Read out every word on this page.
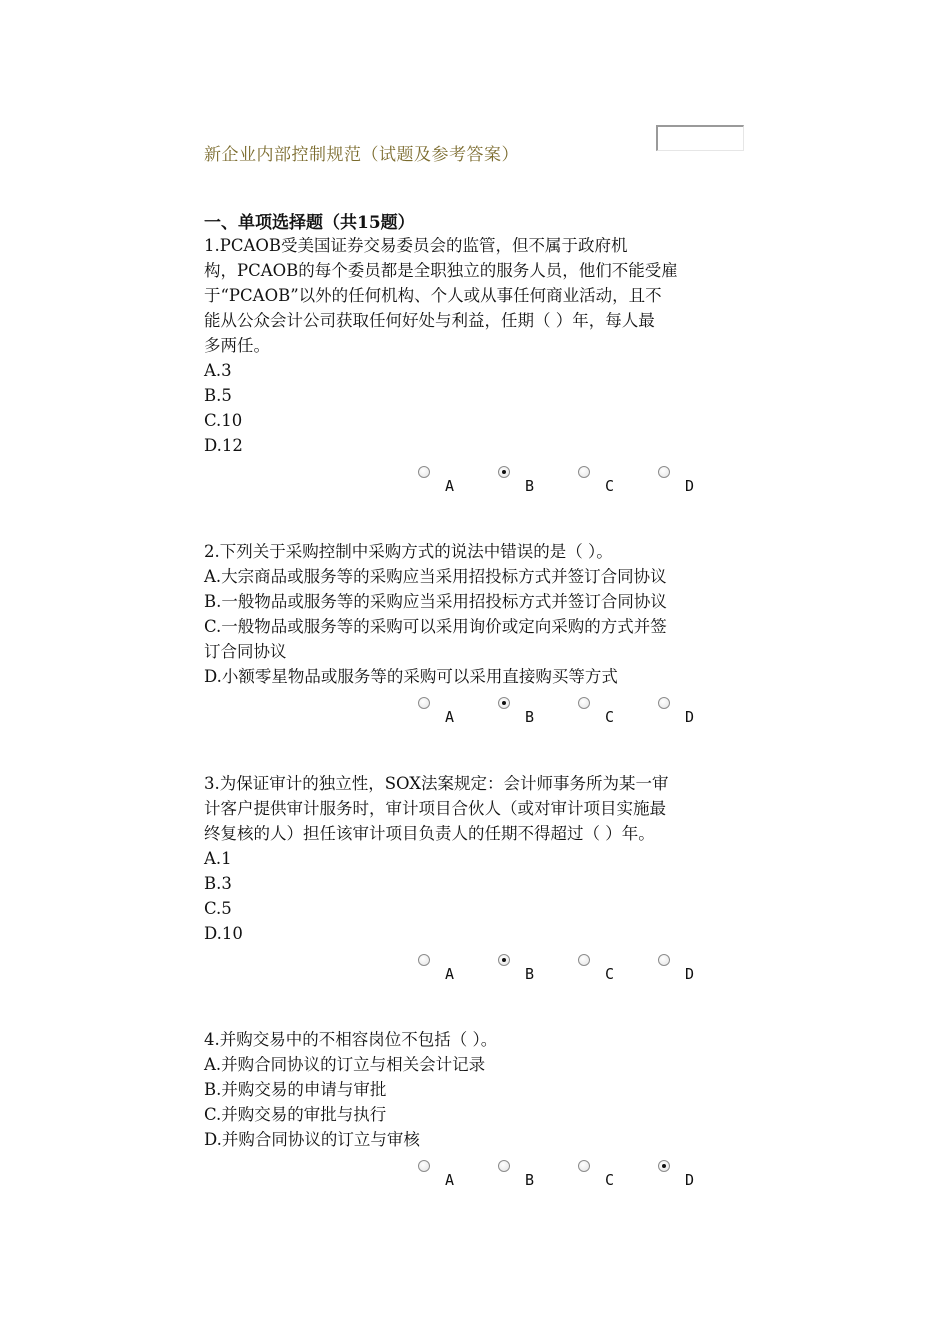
新企业内部控制规范（试题及参考答案）
一、单项选择题（共15题）
1.PCAOB受美国证券交易委员会的监管，但不属于政府机
构，PCAOB的每个委员都是全职独立的服务人员，他们不能受雇
于“PCAOB”以外的任何机构、个人或从事任何商业活动，且不
能从公众会计公司获取任何好处与利益，任期（ ）年，每人最
多两任。
A.3
B.5
C.10
D.12
A	B	C	D
2.下列关于采购控制中采购方式的说法中错误的是（ ）。
A.大宗商品或服务等的采购应当采用招投标方式并签订合同协议
B.一般物品或服务等的采购应当采用招投标方式并签订合同协议
C.一般物品或服务等的采购可以采用询价或定向采购的方式并签
订合同协议
D.小额零星物品或服务等的采购可以采用直接购买等方式
A	B	C	D
3.为保证审计的独立性，SOX法案规定：会计师事务所为某一审
计客户提供审计服务时，审计项目合伙人（或对审计项目实施最
终复核的人）担任该审计项目负责人的任期不得超过（ ）年。
A.1
B.3
C.5
D.10
A	B	C	D
4.并购交易中的不相容岗位不包括（ ）。
A.并购合同协议的订立与相关会计记录
B.并购交易的申请与审批
C.并购交易的审批与执行
D.并购合同协议的订立与审核
A	B	C	D
